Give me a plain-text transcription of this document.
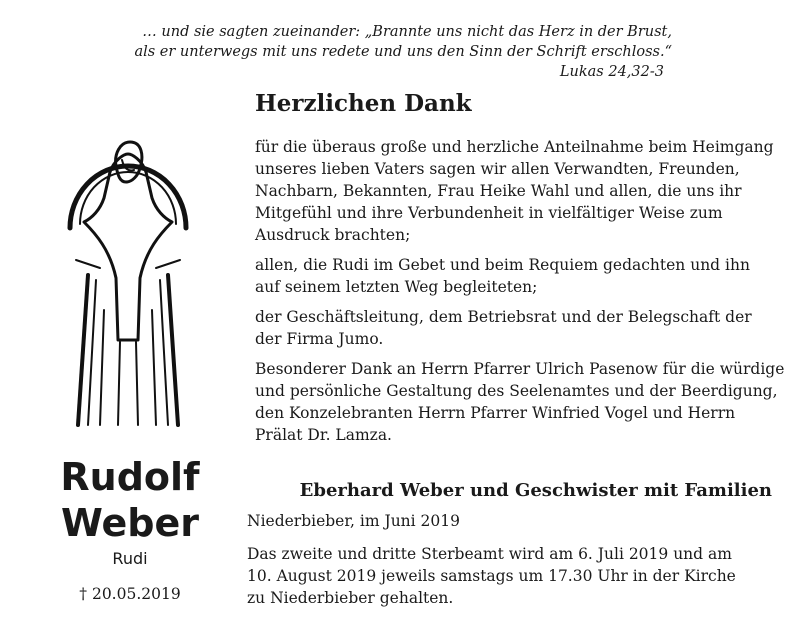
… und sie sagten zueinander: „Brannte uns nicht das Herz in der Brust,
als er unterwegs mit uns redete und uns den Sinn der Schrift erschloss.“
Lukas 24,32-3
Herzlichen Dank

für die überaus große und herzliche Anteilnahme beim Heimgang
unseres lieben Vaters sagen wir allen Verwandten, Freunden,
Nachbarn, Bekannten, Frau Heike Wahl und allen, die uns ihr
Mitgefühl und ihre Verbundenheit in vielfältiger Weise zum
Ausdruck brachten;

allen, die Rudi im Gebet und beim Requiem gedachten und ihn
auf seinem letzten Weg begleiteten;

der Geschäftsleitung, dem Betriebsrat und der Belegschaft der
der Firma Jumo.

Besonderer Dank an Herrn Pfarrer Ulrich Pasenow für die würdige
und persönliche Gestaltung des Seelenamtes und der Beerdigung,
den Konzelebranten Herrn Pfarrer Winfried Vogel und Herrn
Prälat Dr. Lamza.

Rudolf
Weber
Rudi
† 20.05.2019
Eberhard Weber und Geschwister mit Familien
Niederbieber, im Juni 2019
Das zweite und dritte Sterbeamt wird am 6. Juli 2019 und am
10. August 2019 jeweils samstags um 17.30 Uhr in der Kirche
zu Niederbieber gehalten.
